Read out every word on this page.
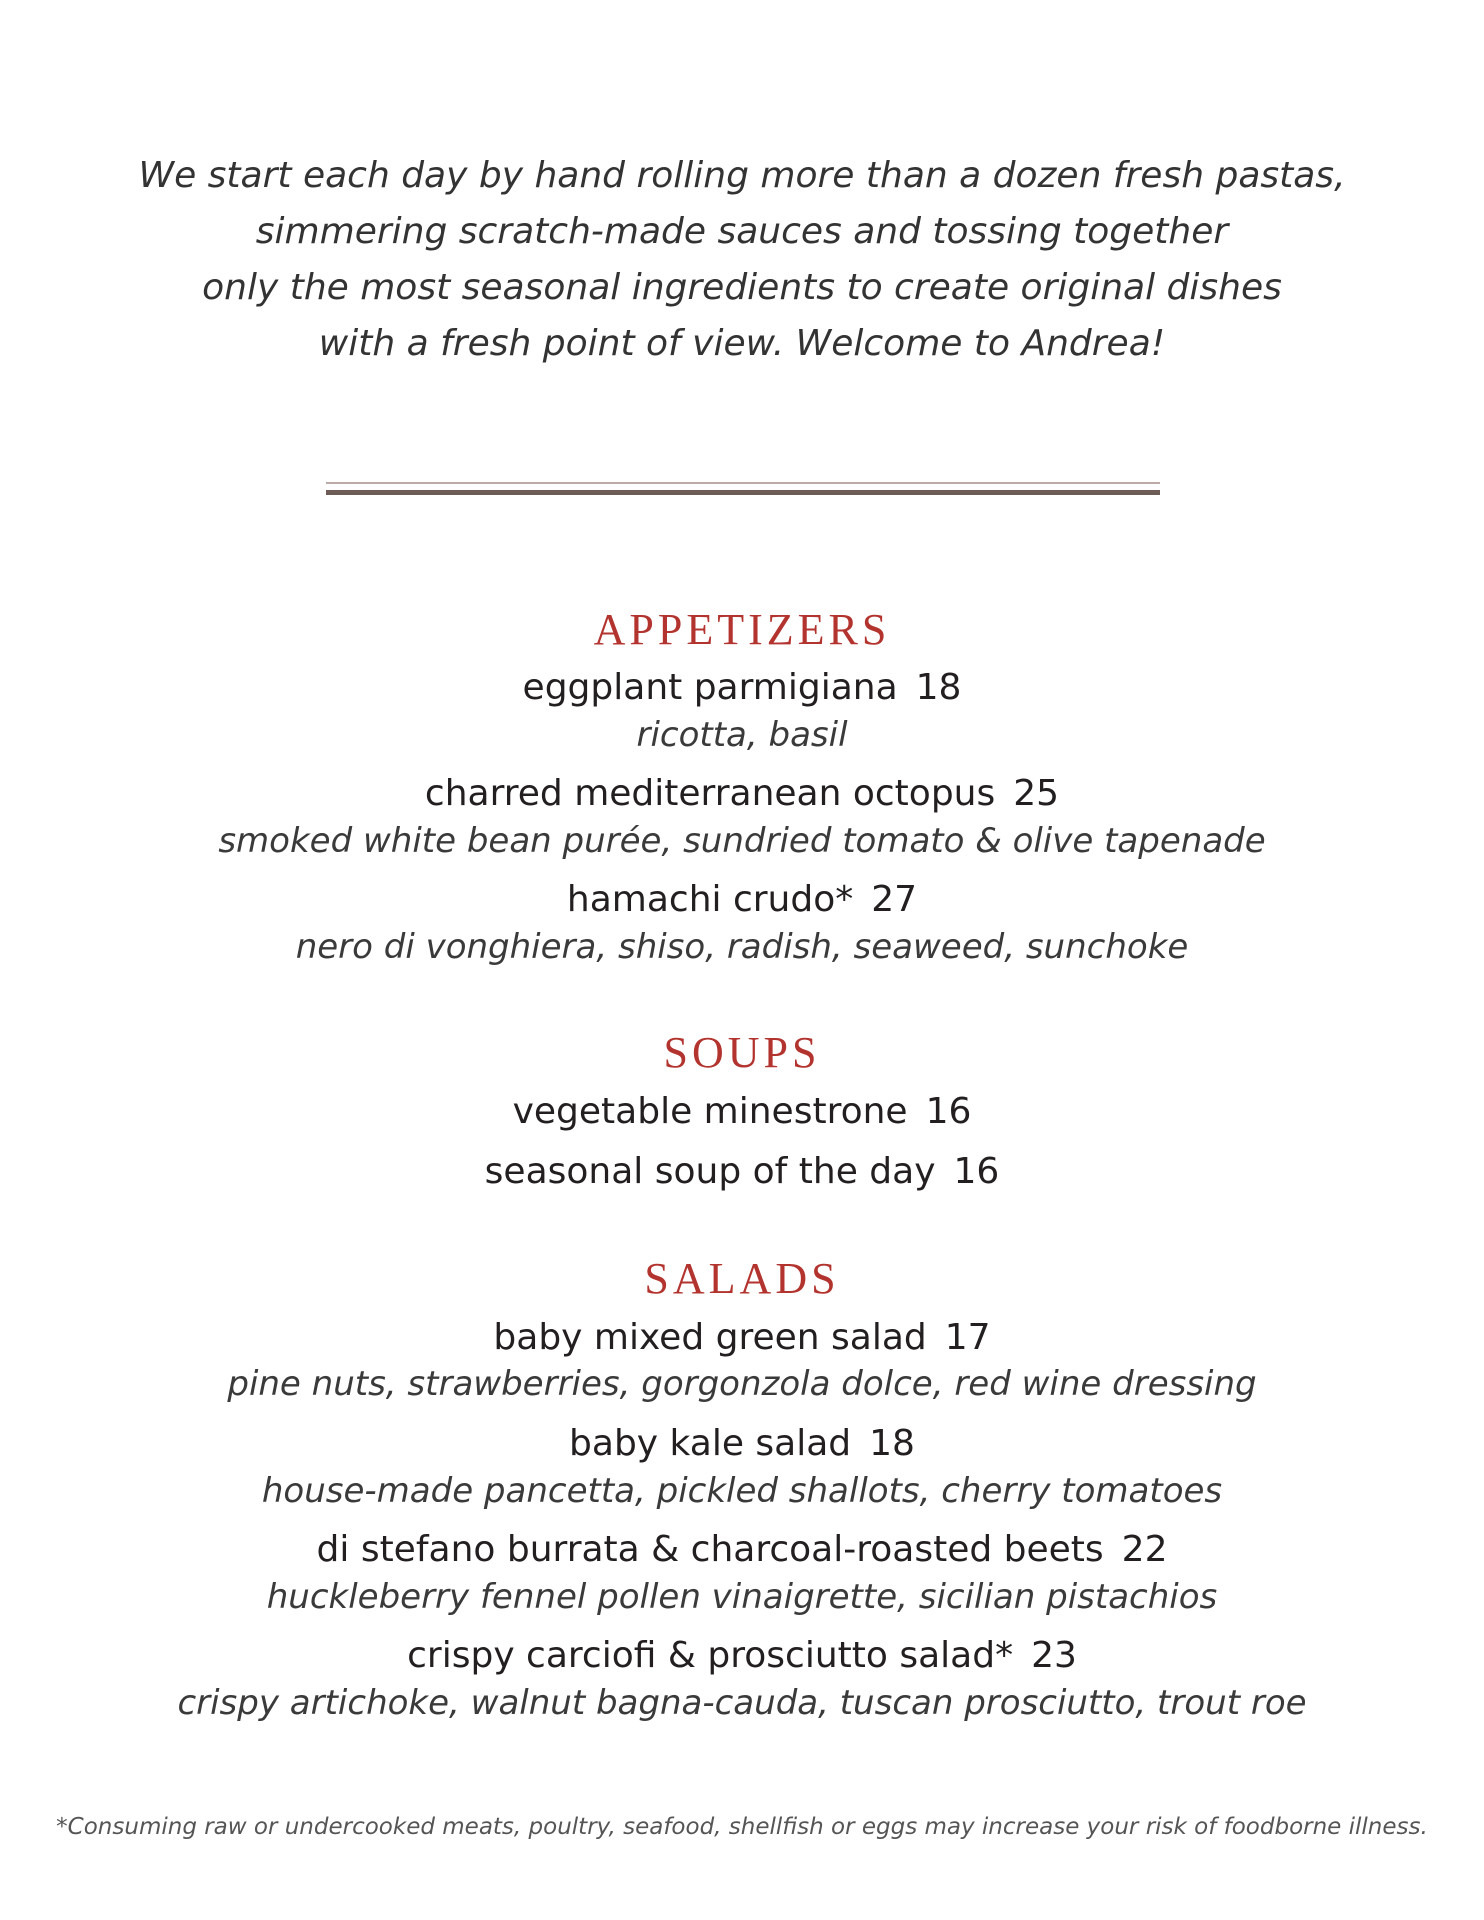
We start each day by hand rolling more than a dozen fresh pastas,
simmering scratch-made sauces and tossing together
only the most seasonal ingredients to create original dishes
with a fresh point of view. Welcome to Andrea!
APPETIZERS
eggplant parmigiana 18
ricotta, basil
charred mediterranean octopus 25
smoked white bean purée, sundried tomato & olive tapenade
hamachi crudo* 27
nero di vonghiera, shiso, radish, seaweed, sunchoke
SOUPS
vegetable minestrone 16
seasonal soup of the day 16
SALADS
baby mixed green salad 17
pine nuts, strawberries, gorgonzola dolce, red wine dressing
baby kale salad 18
house-made pancetta, pickled shallots, cherry tomatoes
di stefano burrata & charcoal-roasted beets 22
huckleberry fennel pollen vinaigrette, sicilian pistachios
crispy carciofi & prosciutto salad* 23
crispy artichoke, walnut bagna-cauda, tuscan prosciutto, trout roe
*Consuming raw or undercooked meats, poultry, seafood, shellfish or eggs may increase your risk of foodborne illness.
